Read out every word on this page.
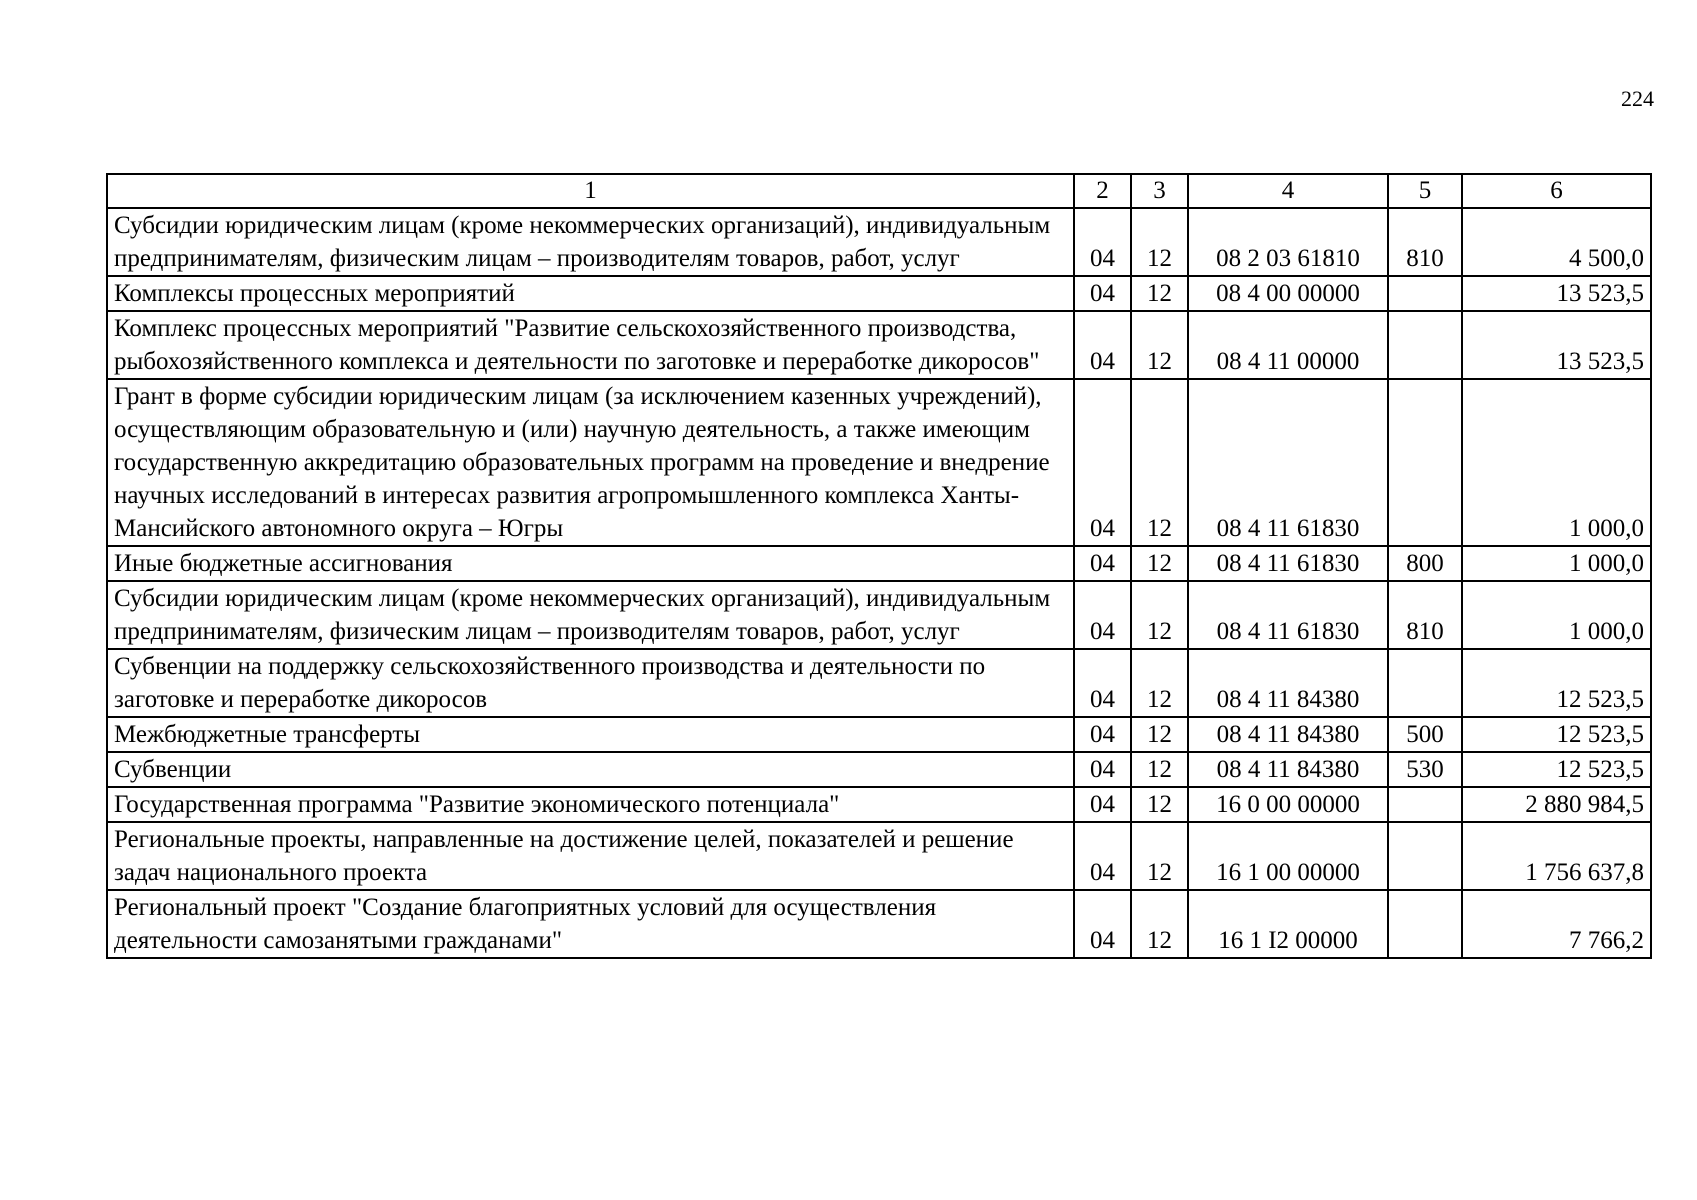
224
1	2	3	4	5	6
Субсидии юридическим лицам (кроме некоммерческих организаций), индивидуальным предпринимателям, физическим лицам – производителям товаров, работ, услуг	04	12	08 2 03 61810	810	4 500,0
Комплексы процессных мероприятий	04	12	08 4 00 00000		13 523,5
Комплекс процессных мероприятий "Развитие сельскохозяйственного производства, рыбохозяйственного комплекса и деятельности по заготовке и переработке дикоросов"	04	12	08 4 11 00000		13 523,5
Грант в форме субсидии юридическим лицам (за исключением казенных учреждений), осуществляющим образовательную и (или) научную деятельность, а также имеющим государственную аккредитацию образовательных программ на проведение и внедрение научных исследований в интересах развития агропромышленного комплекса Ханты-Мансийского автономного округа – Югры	04	12	08 4 11 61830		1 000,0
Иные бюджетные ассигнования	04	12	08 4 11 61830	800	1 000,0
Субсидии юридическим лицам (кроме некоммерческих организаций), индивидуальным предпринимателям, физическим лицам – производителям товаров, работ, услуг	04	12	08 4 11 61830	810	1 000,0
Субвенции на поддержку сельскохозяйственного производства и деятельности по заготовке и переработке дикоросов	04	12	08 4 11 84380		12 523,5
Межбюджетные трансферты	04	12	08 4 11 84380	500	12 523,5
Субвенции	04	12	08 4 11 84380	530	12 523,5
Государственная программа "Развитие экономического потенциала"	04	12	16 0 00 00000		2 880 984,5
Региональные проекты, направленные на достижение целей, показателей и решение задач национального проекта	04	12	16 1 00 00000		1 756 637,8
Региональный проект "Создание благоприятных условий для осуществления деятельности самозанятыми гражданами"	04	12	16 1 I2 00000		7 766,2
